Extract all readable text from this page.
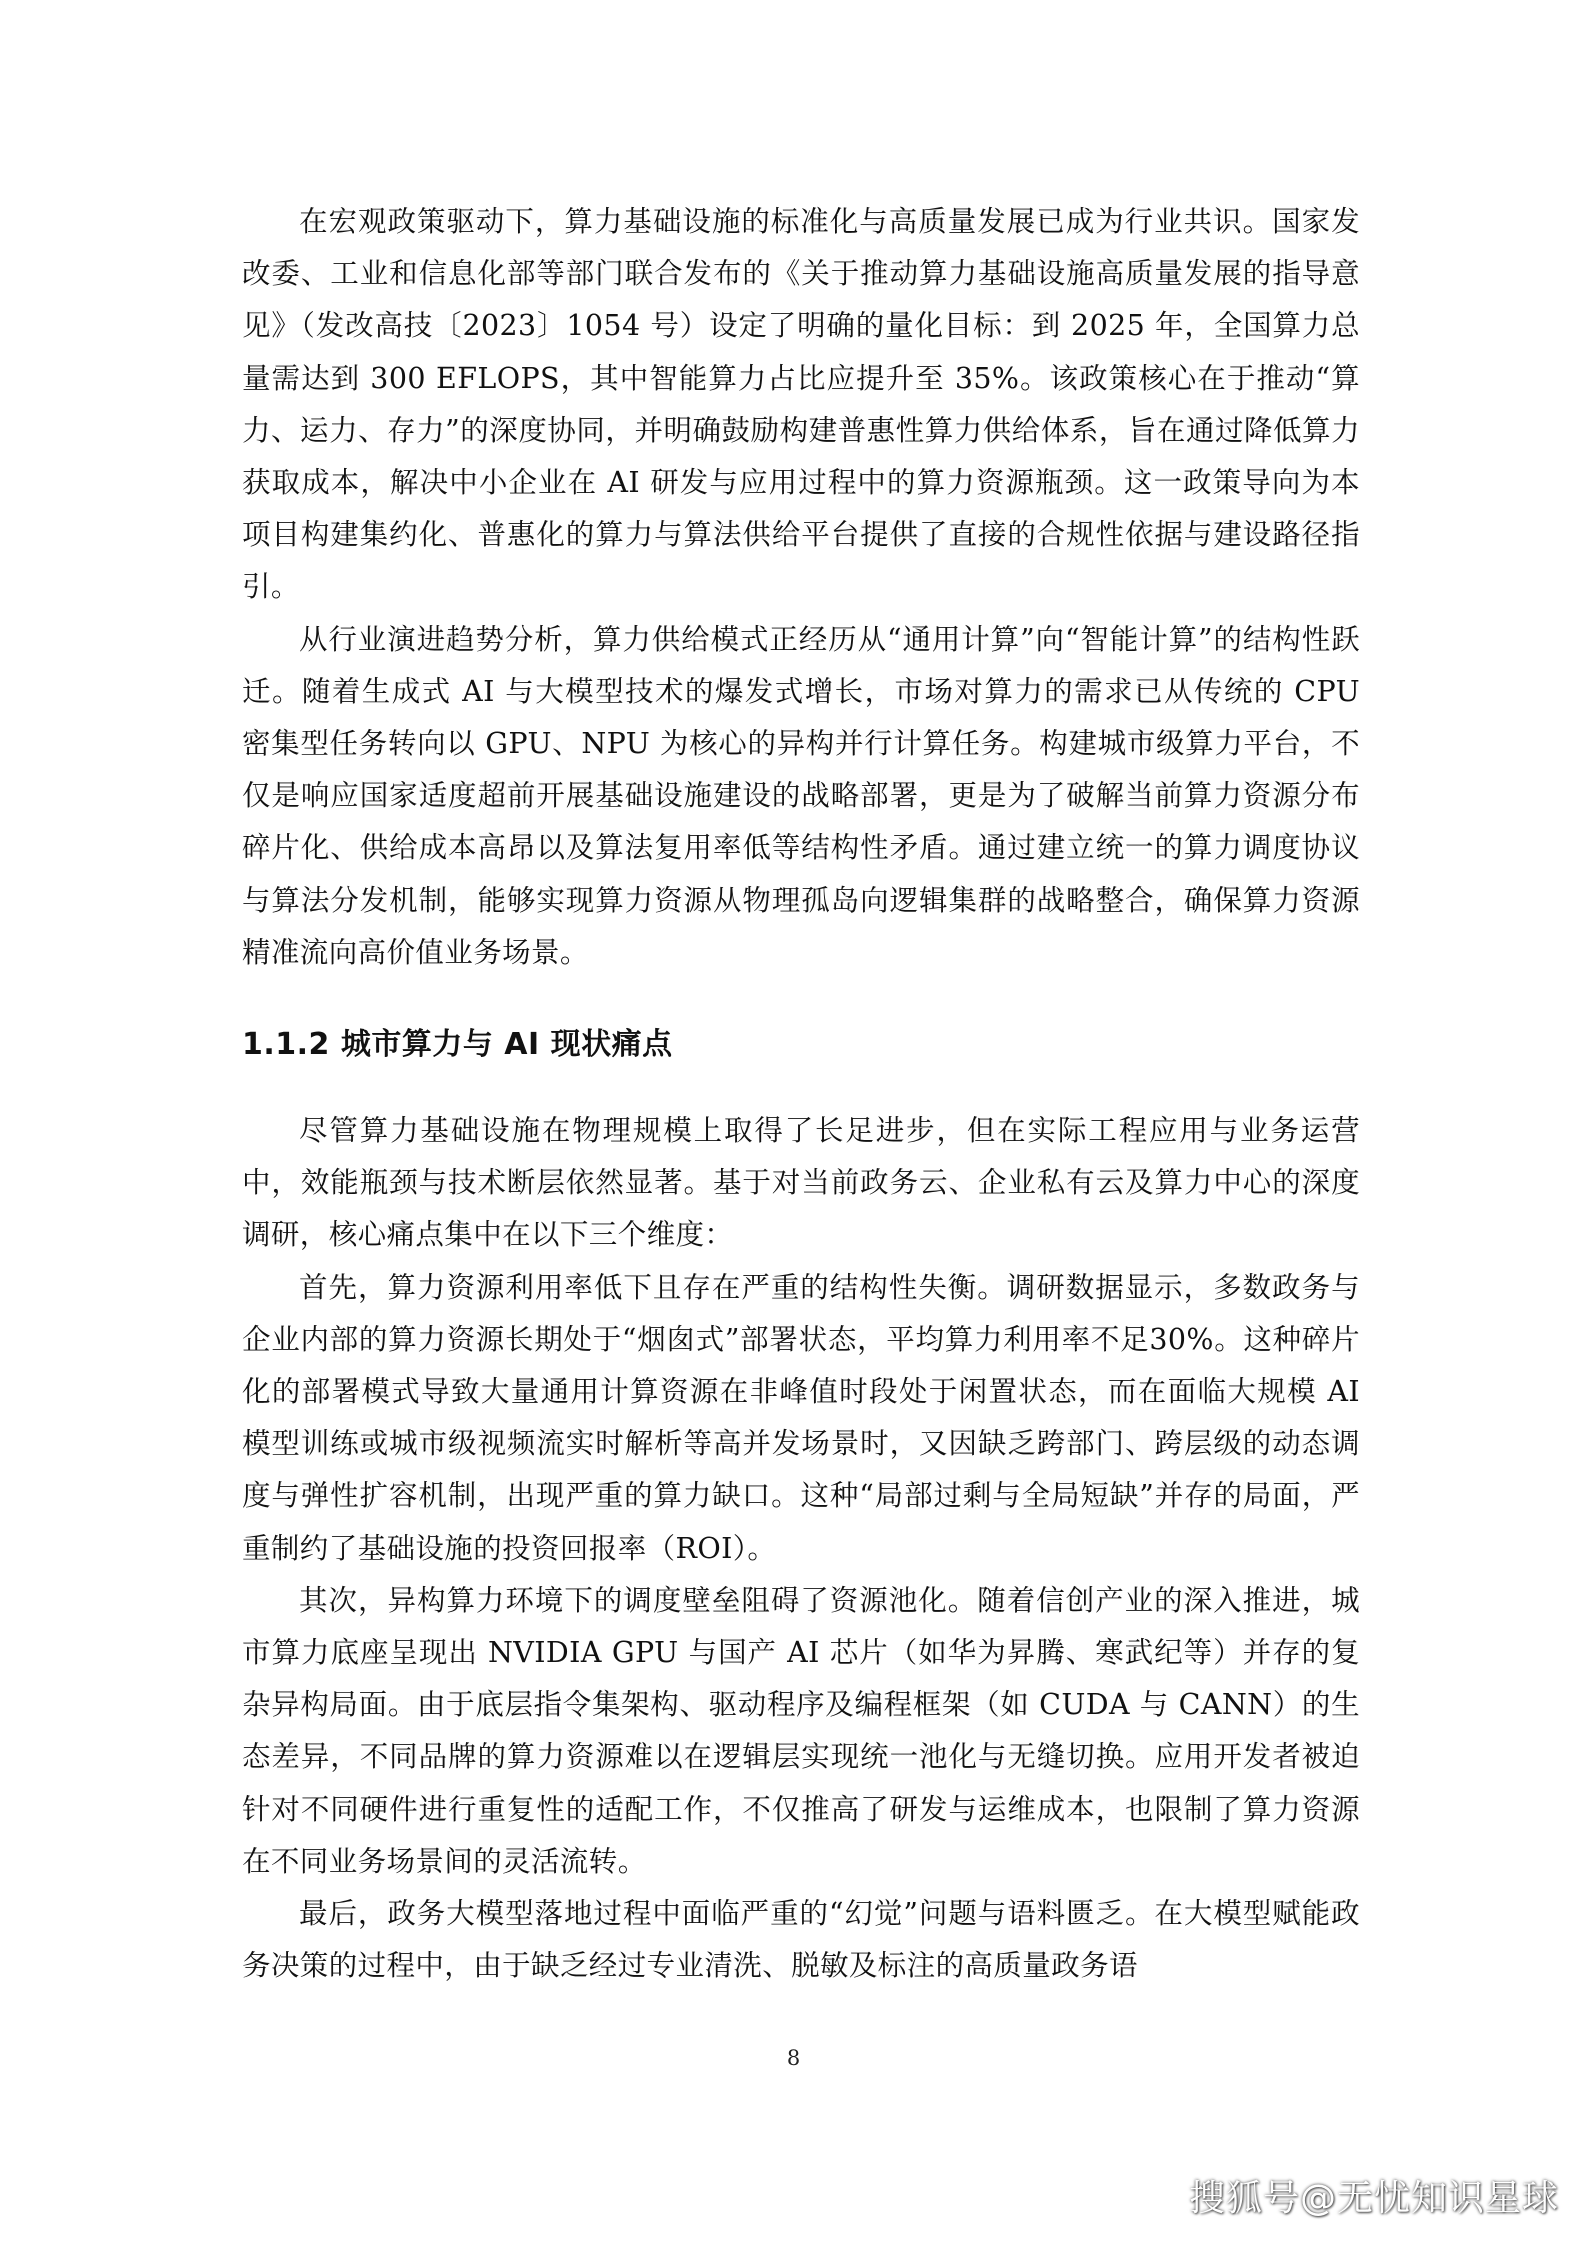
在宏观政策驱动下，算力基础设施的标准化与高质量发展已成为行业共识。国家发改委、工业和信息化部等部门联合发布的《关于推动算力基础设施高质量发展的指导意见》（发改高技〔2023〕1054 号）设定了明确的量化目标：到 2025 年，全国算力总量需达到 300 EFLOPS，其中智能算力占比应提升至 35%。该政策核心在于推动“算力、运力、存力”的深度协同，并明确鼓励构建普惠性算力供给体系，旨在通过降低算力获取成本，解决中小企业在 AI 研发与应用过程中的算力资源瓶颈。这一政策导向为本项目构建集约化、普惠化的算力与算法供给平台提供了直接的合规性依据与建设路径指引。

从行业演进趋势分析，算力供给模式正经历从“通用计算”向“智能计算”的结构性跃迁。随着生成式 AI 与大模型技术的爆发式增长，市场对算力的需求已从传统的 CPU 密集型任务转向以 GPU、NPU 为核心的异构并行计算任务。构建城市级算力平台，不仅是响应国家适度超前开展基础设施建设的战略部署，更是为了破解当前算力资源分布碎片化、供给成本高昂以及算法复用率低等结构性矛盾。通过建立统一的算力调度协议与算法分发机制，能够实现算力资源从物理孤岛向逻辑集群的战略整合，确保算力资源精准流向高价值业务场景。

1.1.2 城市算力与 AI 现状痛点

尽管算力基础设施在物理规模上取得了长足进步，但在实际工程应用与业务运营中，效能瓶颈与技术断层依然显著。基于对当前政务云、企业私有云及算力中心的深度调研，核心痛点集中在以下三个维度：

首先，算力资源利用率低下且存在严重的结构性失衡。调研数据显示，多数政务与企业内部的算力资源长期处于“烟囱式”部署状态，平均算力利用率不足30%。这种碎片化的部署模式导致大量通用计算资源在非峰值时段处于闲置状态，而在面临大规模 AI 模型训练或城市级视频流实时解析等高并发场景时，又因缺乏跨部门、跨层级的动态调度与弹性扩容机制，出现严重的算力缺口。这种“局部过剩与全局短缺”并存的局面，严重制约了基础设施的投资回报率（ROI）。

其次，异构算力环境下的调度壁垒阻碍了资源池化。随着信创产业的深入推进，城市算力底座呈现出 NVIDIA GPU 与国产 AI 芯片（如华为昇腾、寒武纪等）并存的复杂异构局面。由于底层指令集架构、驱动程序及编程框架（如 CUDA 与 CANN）的生态差异，不同品牌的算力资源难以在逻辑层实现统一池化与无缝切换。应用开发者被迫针对不同硬件进行重复性的适配工作，不仅推高了研发与运维成本，也限制了算力资源在不同业务场景间的灵活流转。

最后，政务大模型落地过程中面临严重的“幻觉”问题与语料匮乏。在大模型赋能政务决策的过程中，由于缺乏经过专业清洗、脱敏及标注的高质量政务语

8
搜狐号@无忧知识星球
